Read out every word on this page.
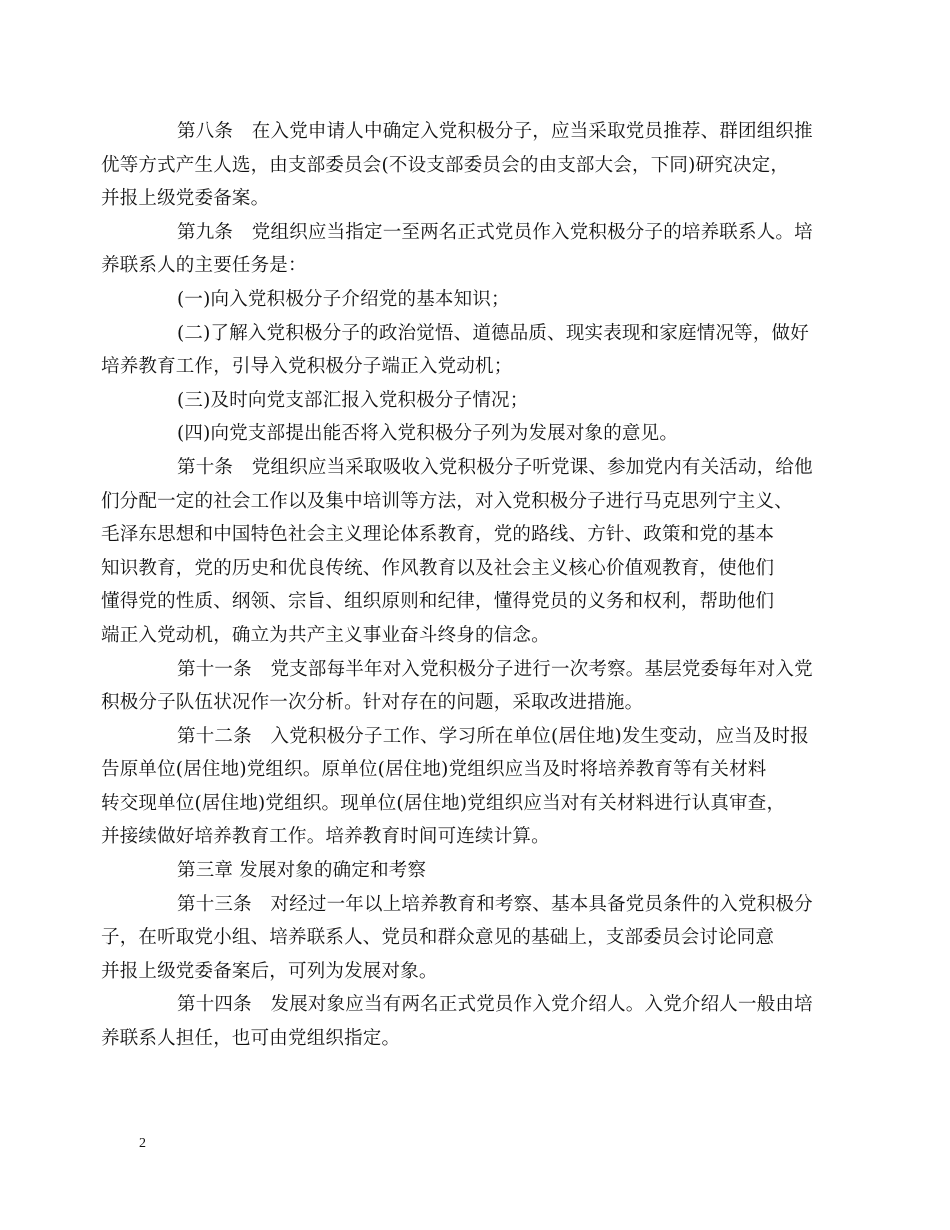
第八条　在入党申请人中确定入党积极分子，应当采取党员推荐、群团组织推
优等方式产生人选，由支部委员会(不设支部委员会的由支部大会，下同)研究决定，
并报上级党委备案。

第九条　党组织应当指定一至两名正式党员作入党积极分子的培养联系人。培
养联系人的主要任务是：

(一)向入党积极分子介绍党的基本知识；

(二)了解入党积极分子的政治觉悟、道德品质、现实表现和家庭情况等，做好
培养教育工作，引导入党积极分子端正入党动机；

(三)及时向党支部汇报入党积极分子情况；

(四)向党支部提出能否将入党积极分子列为发展对象的意见。

第十条　党组织应当采取吸收入党积极分子听党课、参加党内有关活动，给他
们分配一定的社会工作以及集中培训等方法，对入党积极分子进行马克思列宁主义、
毛泽东思想和中国特色社会主义理论体系教育，党的路线、方针、政策和党的基本
知识教育，党的历史和优良传统、作风教育以及社会主义核心价值观教育，使他们
懂得党的性质、纲领、宗旨、组织原则和纪律，懂得党员的义务和权利，帮助他们
端正入党动机，确立为共产主义事业奋斗终身的信念。

第十一条　党支部每半年对入党积极分子进行一次考察。基层党委每年对入党
积极分子队伍状况作一次分析。针对存在的问题，采取改进措施。

第十二条　入党积极分子工作、学习所在单位(居住地)发生变动，应当及时报
告原单位(居住地)党组织。原单位(居住地)党组织应当及时将培养教育等有关材料
转交现单位(居住地)党组织。现单位(居住地)党组织应当对有关材料进行认真审查，
并接续做好培养教育工作。培养教育时间可连续计算。

第三章 发展对象的确定和考察

第十三条　对经过一年以上培养教育和考察、基本具备党员条件的入党积极分
子，在听取党小组、培养联系人、党员和群众意见的基础上，支部委员会讨论同意
并报上级党委备案后，可列为发展对象。

第十四条　发展对象应当有两名正式党员作入党介绍人。入党介绍人一般由培
养联系人担任，也可由党组织指定。

2
